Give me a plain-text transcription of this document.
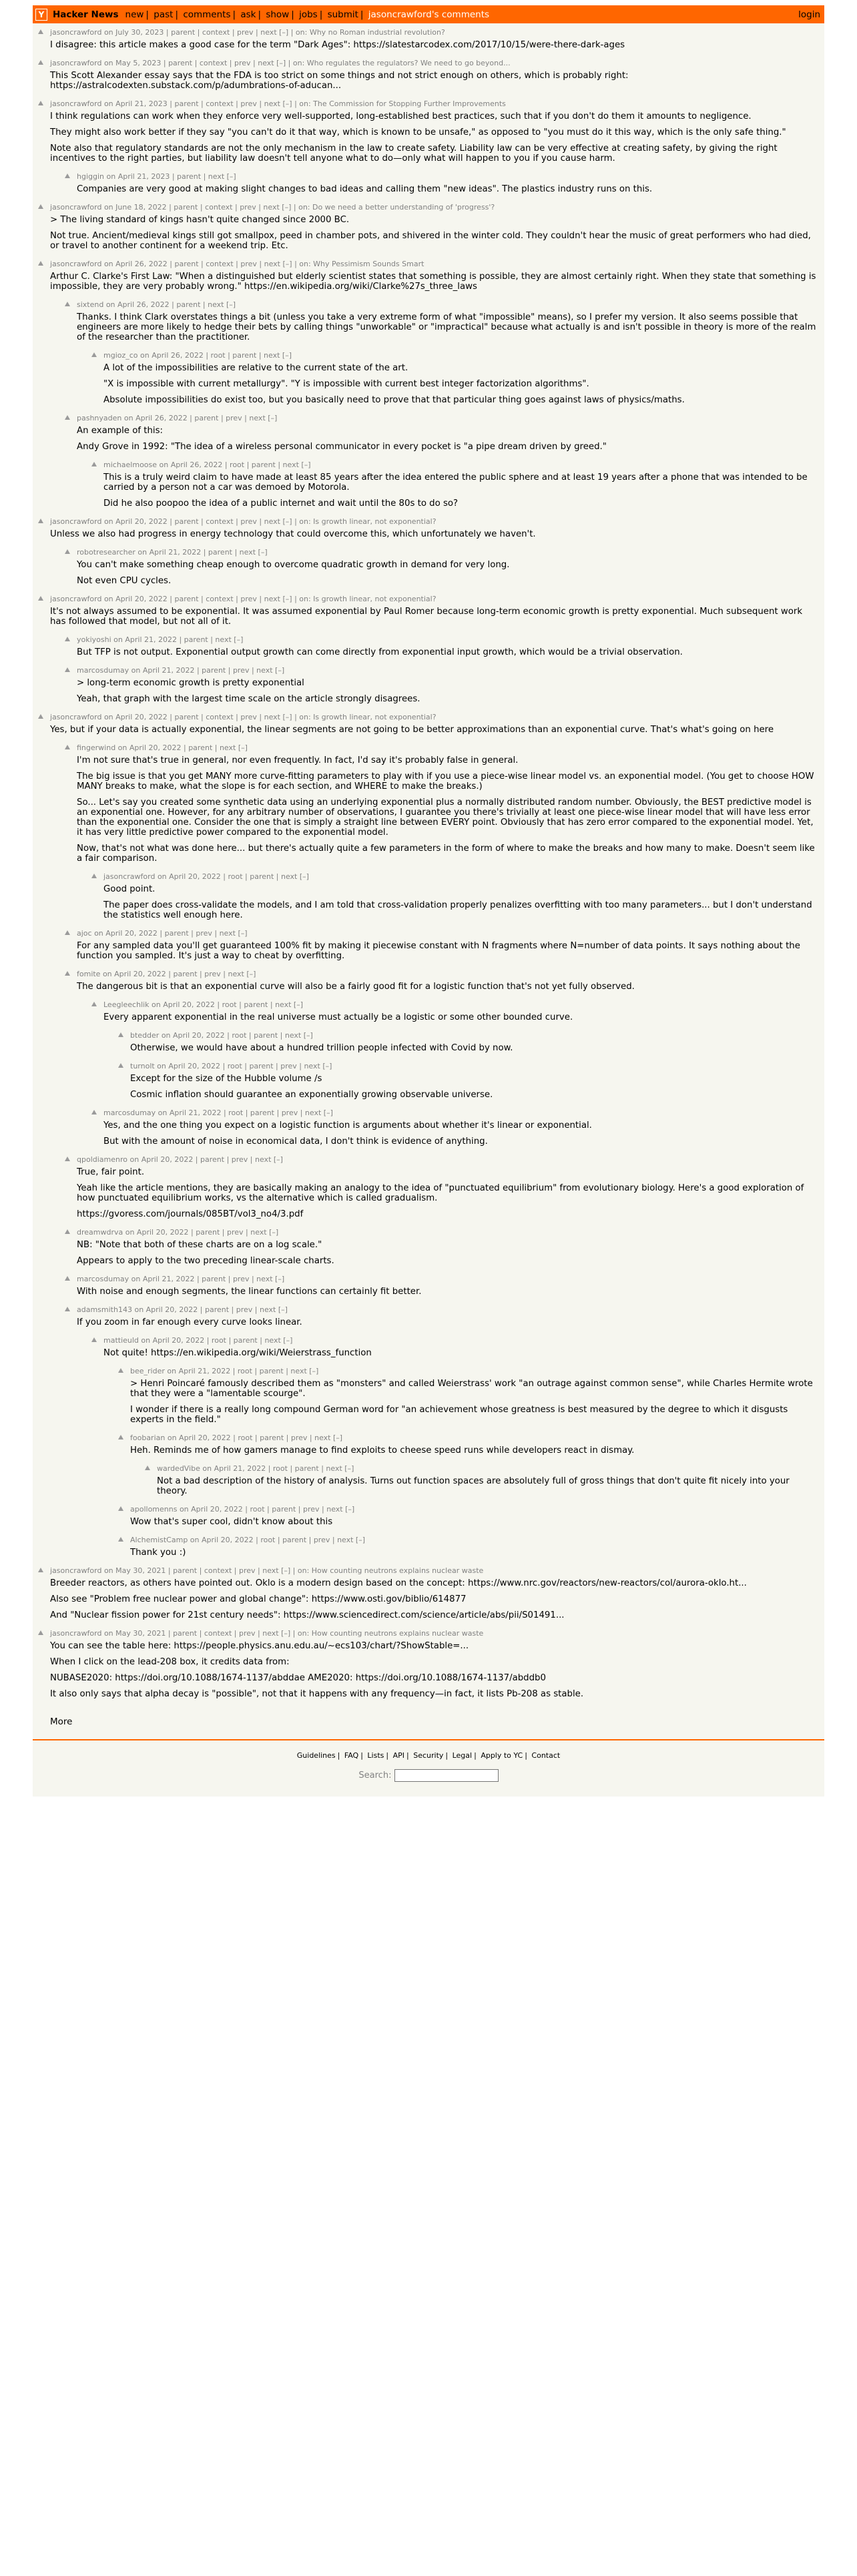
Y Hacker News new | past | comments | ask | show | jobs | submit | jasoncrawford's comments	login
jasoncrawford on July 30, 2023 | parent | context | prev | next [–] | on: Why no Roman industrial revolution?

I disagree: this article makes a good case for the term "Dark Ages": https://slatestarcodex.com/2017/10/15/were-there-dark-ages

jasoncrawford on May 5, 2023 | parent | context | prev | next [–] | on: Who regulates the regulators? We need to go beyond...

This Scott Alexander essay says that the FDA is too strict on some things and not strict enough on others, which is probably right: https://astralcodexten.substack.com/p/adumbrations-of-aducan...

jasoncrawford on April 21, 2023 | parent | context | prev | next [–] | on: The Commission for Stopping Further Improvements

I think regulations can work when they enforce very well-supported, long-established best practices, such that if you don't do them it amounts to negligence.

They might also work better if they say "you can't do it that way, which is known to be unsafe," as opposed to "you must do it this way, which is the only safe thing."

Note also that regulatory standards are not the only mechanism in the law to create safety. Liability law can be very effective at creating safety, by giving the right incentives to the right parties, but liability law doesn't tell anyone what to do—only what will happen to you if you cause harm.

hgiggin on April 21, 2023 | parent | next [–]

Companies are very good at making slight changes to bad ideas and calling them "new ideas". The plastics industry runs on this.

jasoncrawford on June 18, 2022 | parent | context | prev | next [–] | on: Do we need a better understanding of 'progress'?

> The living standard of kings hasn't quite changed since 2000 BC.

Not true. Ancient/medieval kings still got smallpox, peed in chamber pots, and shivered in the winter cold. They couldn't hear the music of great performers who had died, or travel to another continent for a weekend trip. Etc.

jasoncrawford on April 26, 2022 | parent | context | prev | next [–] | on: Why Pessimism Sounds Smart

Arthur C. Clarke's First Law: "When a distinguished but elderly scientist states that something is possible, they are almost certainly right. When they state that something is impossible, they are very probably wrong." https://en.wikipedia.org/wiki/Clarke%27s_three_laws

sixtend on April 26, 2022 | parent | next [–]

Thanks. I think Clark overstates things a bit (unless you take a very extreme form of what "impossible" means), so I prefer my version. It also seems possible that engineers are more likely to hedge their bets by calling things "unworkable" or "impractical" because what actually is and isn't possible in theory is more of the realm of the researcher than the practitioner.

mgioz_co on April 26, 2022 | root | parent | next [–]

A lot of the impossibilities are relative to the current state of the art.

"X is impossible with current metallurgy". "Y is impossible with current best integer factorization algorithms".

Absolute impossibilities do exist too, but you basically need to prove that that particular thing goes against laws of physics/maths.

pashnyaden on April 26, 2022 | parent | prev | next [–]

An example of this:

Andy Grove in 1992: "The idea of a wireless personal communicator in every pocket is "a pipe dream driven by greed."

michaelmoose on April 26, 2022 | root | parent | next [–]

This is a truly weird claim to have made at least 85 years after the idea entered the public sphere and at least 19 years after a phone that was intended to be carried by a person not a car was demoed by Motorola.

Did he also poopoo the idea of a public internet and wait until the 80s to do so?

jasoncrawford on April 20, 2022 | parent | context | prev | next [–] | on: Is growth linear, not exponential?

Unless we also had progress in energy technology that could overcome this, which unfortunately we haven't.

robotresearcher on April 21, 2022 | parent | next [–]

You can't make something cheap enough to overcome quadratic growth in demand for very long.

Not even CPU cycles.

jasoncrawford on April 20, 2022 | parent | context | prev | next [–] | on: Is growth linear, not exponential?

It's not always assumed to be exponential. It was assumed exponential by Paul Romer because long-term economic growth is pretty exponential. Much subsequent work has followed that model, but not all of it.

yokiyoshi on April 21, 2022 | parent | next [–]

But TFP is not output. Exponential output growth can come directly from exponential input growth, which would be a trivial observation.

marcosdumay on April 21, 2022 | parent | prev | next [–]

> long-term economic growth is pretty exponential

Yeah, that graph with the largest time scale on the article strongly disagrees.

jasoncrawford on April 20, 2022 | parent | context | prev | next [–] | on: Is growth linear, not exponential?

Yes, but if your data is actually exponential, the linear segments are not going to be better approximations than an exponential curve. That's what's going on here

fingerwind on April 20, 2022 | parent | next [–]

I'm not sure that's true in general, nor even frequently. In fact, I'd say it's probably false in general.

The big issue is that you get MANY more curve-fitting parameters to play with if you use a piece-wise linear model vs. an exponential model. (You get to choose HOW MANY breaks to make, what the slope is for each section, and WHERE to make the breaks.)

So... Let's say you created some synthetic data using an underlying exponential plus a normally distributed random number. Obviously, the BEST predictive model is an exponential one. However, for any arbitrary number of observations, I guarantee you there's trivially at least one piece-wise linear model that will have less error than the exponential one. Consider the one that is simply a straight line between EVERY point. Obviously that has zero error compared to the exponential model. Yet, it has very little predictive power compared to the exponential model.

Now, that's not what was done here... but there's actually quite a few parameters in the form of where to make the breaks and how many to make. Doesn't seem like a fair comparison.

jasoncrawford on April 20, 2022 | root | parent | next [–]

Good point.

The paper does cross-validate the models, and I am told that cross-validation properly penalizes overfitting with too many parameters... but I don't understand the statistics well enough here.

ajoc on April 20, 2022 | parent | prev | next [–]

For any sampled data you'll get guaranteed 100% fit by making it piecewise constant with N fragments where N=number of data points. It says nothing about the function you sampled. It's just a way to cheat by overfitting.

fomite on April 20, 2022 | parent | prev | next [–]

The dangerous bit is that an exponential curve will also be a fairly good fit for a logistic function that's not yet fully observed.

Leegleechlik on April 20, 2022 | root | parent | next [–]

Every apparent exponential in the real universe must actually be a logistic or some other bounded curve.

btedder on April 20, 2022 | root | parent | next [–]

Otherwise, we would have about a hundred trillion people infected with Covid by now.

turnolt on April 20, 2022 | root | parent | prev | next [–]

Except for the size of the Hubble volume /s

Cosmic inflation should guarantee an exponentially growing observable universe.

marcosdumay on April 21, 2022 | root | parent | prev | next [–]

Yes, and the one thing you expect on a logistic function is arguments about whether it's linear or exponential.

But with the amount of noise in economical data, I don't think is evidence of anything.

qpoldiamenro on April 20, 2022 | parent | prev | next [–]

True, fair point.

Yeah like the article mentions, they are basically making an analogy to the idea of "punctuated equilibrium" from evolutionary biology. Here's a good exploration of how punctuated equilibrium works, vs the alternative which is called gradualism.

https://gvoress.com/journals/085BT/vol3_no4/3.pdf

dreamwdrva on April 20, 2022 | parent | prev | next [–]

NB: "Note that both of these charts are on a log scale."

Appears to apply to the two preceding linear-scale charts.

marcosdumay on April 21, 2022 | parent | prev | next [–]

With noise and enough segments, the linear functions can certainly fit better.

adamsmith143 on April 20, 2022 | parent | prev | next [–]

If you zoom in far enough every curve looks linear.

mattieuld on April 20, 2022 | root | parent | next [–]

Not quite! https://en.wikipedia.org/wiki/Weierstrass_function

bee_rider on April 21, 2022 | root | parent | next [–]

> Henri Poincaré famously described them as "monsters" and called Weierstrass' work "an outrage against common sense", while Charles Hermite wrote that they were a "lamentable scourge".

I wonder if there is a really long compound German word for "an achievement whose greatness is best measured by the degree to which it disgusts experts in the field."

foobarian on April 20, 2022 | root | parent | prev | next [–]

Heh. Reminds me of how gamers manage to find exploits to cheese speed runs while developers react in dismay.

wardedVibe on April 21, 2022 | root | parent | next [–]

Not a bad description of the history of analysis. Turns out function spaces are absolutely full of gross things that don't quite fit nicely into your theory.

apollomenns on April 20, 2022 | root | parent | prev | next [–]

Wow that's super cool, didn't know about this

AlchemistCamp on April 20, 2022 | root | parent | prev | next [–]

Thank you :)

jasoncrawford on May 30, 2021 | parent | context | prev | next [–] | on: How counting neutrons explains nuclear waste

Breeder reactors, as others have pointed out. Oklo is a modern design based on the concept: https://www.nrc.gov/reactors/new-reactors/col/aurora-oklo.ht...

Also see "Problem free nuclear power and global change": https://www.osti.gov/biblio/614877

And "Nuclear fission power for 21st century needs": https://www.sciencedirect.com/science/article/abs/pii/S01491...

jasoncrawford on May 30, 2021 | parent | context | prev | next [–] | on: How counting neutrons explains nuclear waste

You can see the table here: https://people.physics.anu.edu.au/~ecs103/chart/?ShowStable=...

When I click on the lead-208 box, it credits data from:

NUBASE2020: https://doi.org/10.1088/1674-1137/abddae AME2020: https://doi.org/10.1088/1674-1137/abddb0

It also only says that alpha decay is "possible", not that it happens with any frequency—in fact, it lists Pb-208 as stable.

More
Guidelines | FAQ | Lists | API | Security | Legal | Apply to YC | Contact
Search:
